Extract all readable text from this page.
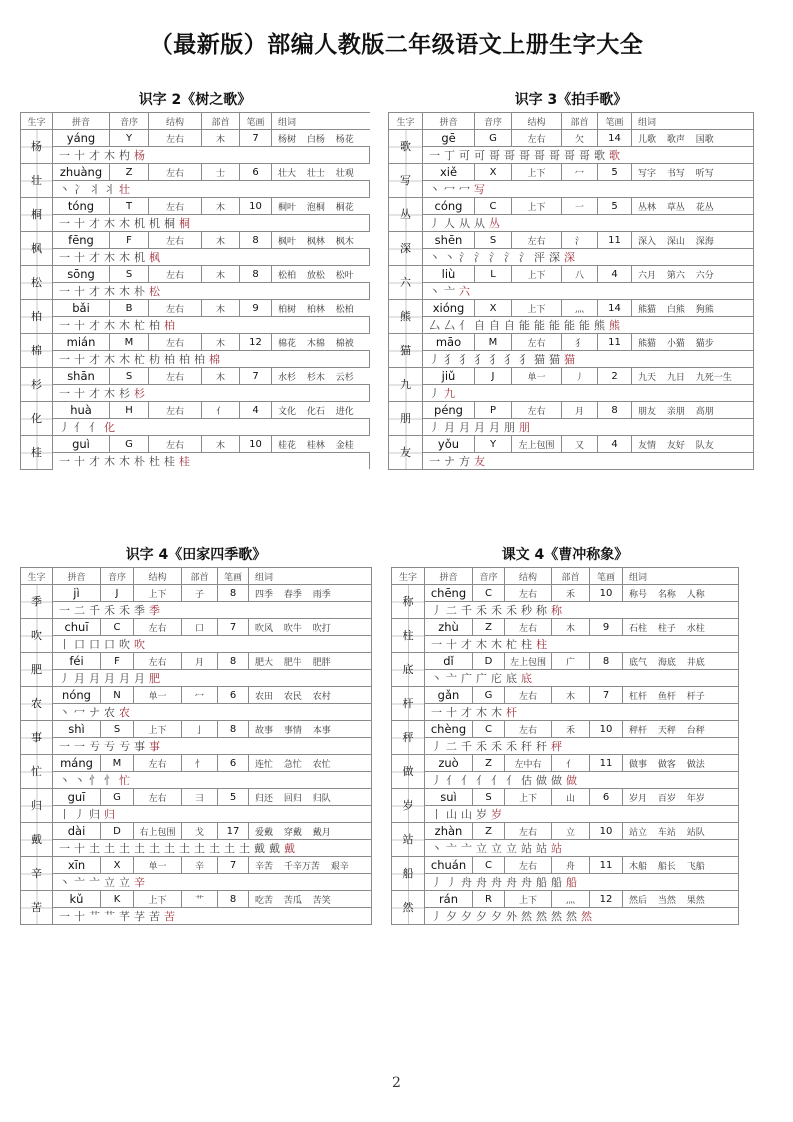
（最新版）部编人教版二年级语文上册生字大全
识字 2《树之歌》
生字	拼音	音序	结构	部首	笔画	组词
杨	yáng	Y	左右	木	7	杨树 白杨 杨花
	一十才木杓杨					
壮	zhuàng	Z	左右	士	6	壮大 壮士 壮观
	丶冫丬丬壮					
桐	tóng	T	左右	木	10	桐叶 泡桐 桐花
	一十才木木机机桐桐					
枫	fēng	F	左右	木	8	枫叶 枫林 枫木
	一十才木木机枫					
松	sōng	S	左右	木	8	松柏 放松 松叶
	一十才木木朴松					
柏	bǎi	B	左右	木	9	柏树 柏林 松柏
	一十才木木杧柏柏					
棉	mián	M	左右	木	12	棉花 木棉 棉被
	一十才木木杧朸柏柏柏棉					
杉	shān	S	左右	木	7	水杉 杉木 云杉
	一十才木杉杉					
化	huà	H	左右	亻	4	文化 化石 进化
	丿亻亻化					
桂	guì	G	左右	木	10	桂花 桂林 金桂
	一十才木木朴杜桂桂					
识字 3《拍手歌》
生字	拼音	音序	结构	部首	笔画	组词
歌	gē	G	左右	欠	14	儿歌 歌声 国歌
	一丁可可哥哥哥哥哥哥哥歌歌					
写	xiě	X	上下	冖	5	写字 书写 听写
	丶冖冖写					
丛	cóng	C	上下	一	5	丛林 草丛 花丛
	丿人从从丛					
深	shēn	S	左右	氵	11	深入 深山 深海
	丶丶氵氵氵氵氵泙深深					
六	liù	L	上下	八	4	六月 第六 六分
	丶亠六					
熊	xióng	X	上下	灬	14	熊猫 白熊 狗熊
	厶厶亻自自自能能能能能熊熊					
猫	māo	M	左右	犭	11	熊猫 小猫 猫步
	丿犭犭犭犭犭犭猫猫猫					
九	jiǔ	J	单一	丿	2	九天 九日 九死一生
	丿九					
朋	péng	P	左右	月	8	朋友 亲朋 高朋
	丿月月月月朋朋					
友	yǒu	Y	左上包围	又	4	友情 友好 队友
	一ナ方友					
识字 4《田家四季歌》
生字	拼音	音序	结构	部首	笔画	组词
季	jì	J	上下	子	8	四季 春季 雨季
	一二千禾禾季季					
吹	chuī	C	左右	口	7	吹风 吹牛 吹打
	丨口口口吹吹					
肥	féi	F	左右	月	8	肥大 肥牛 肥胖
	丿月月月月月肥					
农	nóng	N	单一	冖	6	农田 农民 农村
	丶冖ナ农农					
事	shì	S	上下	亅	8	故事 事情 本事
	一一亐亐亐事事					
忙	máng	M	左右	忄	6	连忙 急忙 农忙
	丶丶忄忄忙					
归	guī	G	左右	彐	5	归还 回归 归队
	丨丿归归					
戴	dài	D	右上包围	戈	17	爱戴 穿戴 戴月
	一十土土土土土土土土土土土戴戴戴					
辛	xīn	X	单一	辛	7	辛苦 千辛万苦 艰辛
	丶亠亠立立辛					
苦	kǔ	K	上下	艹	8	吃苦 苦瓜 苦笑
	一十艹艹芊芓苦苦					
课文 4《曹冲称象》
生字	拼音	音序	结构	部首	笔画	组词
称	chēng	C	左右	禾	10	称号 名称 人称
	丿二千禾禾禾秒称称					
柱	zhù	Z	左右	木	9	石柱 柱子 水柱
	一十才木木杧柱柱					
底	dǐ	D	左上包围	广	8	底气 海底 井底
	丶亠广广庀底底					
杆	gǎn	G	左右	木	7	杠杆 鱼杆 杆子
	一十才木木杆					
秤	chèng	C	左右	禾	10	秤杆 天秤 台秤
	丿二千禾禾禾秆秆秤					
做	zuò	Z	左中右	亻	11	做事 做客 做法
	丿亻亻亻亻亻估做做做					
岁	suì	S	上下	山	6	岁月 百岁 年岁
	丨山山岁岁					
站	zhàn	Z	左右	立	10	站立 车站 站队
	丶亠亠立立立站站站					
船	chuán	C	左右	舟	11	木船 船长 飞船
	丿丿舟舟舟舟舟船船船					
然	rán	R	上下	灬	12	然后 当然 果然
	丿夕夕夕夕外然然然然然					
2
